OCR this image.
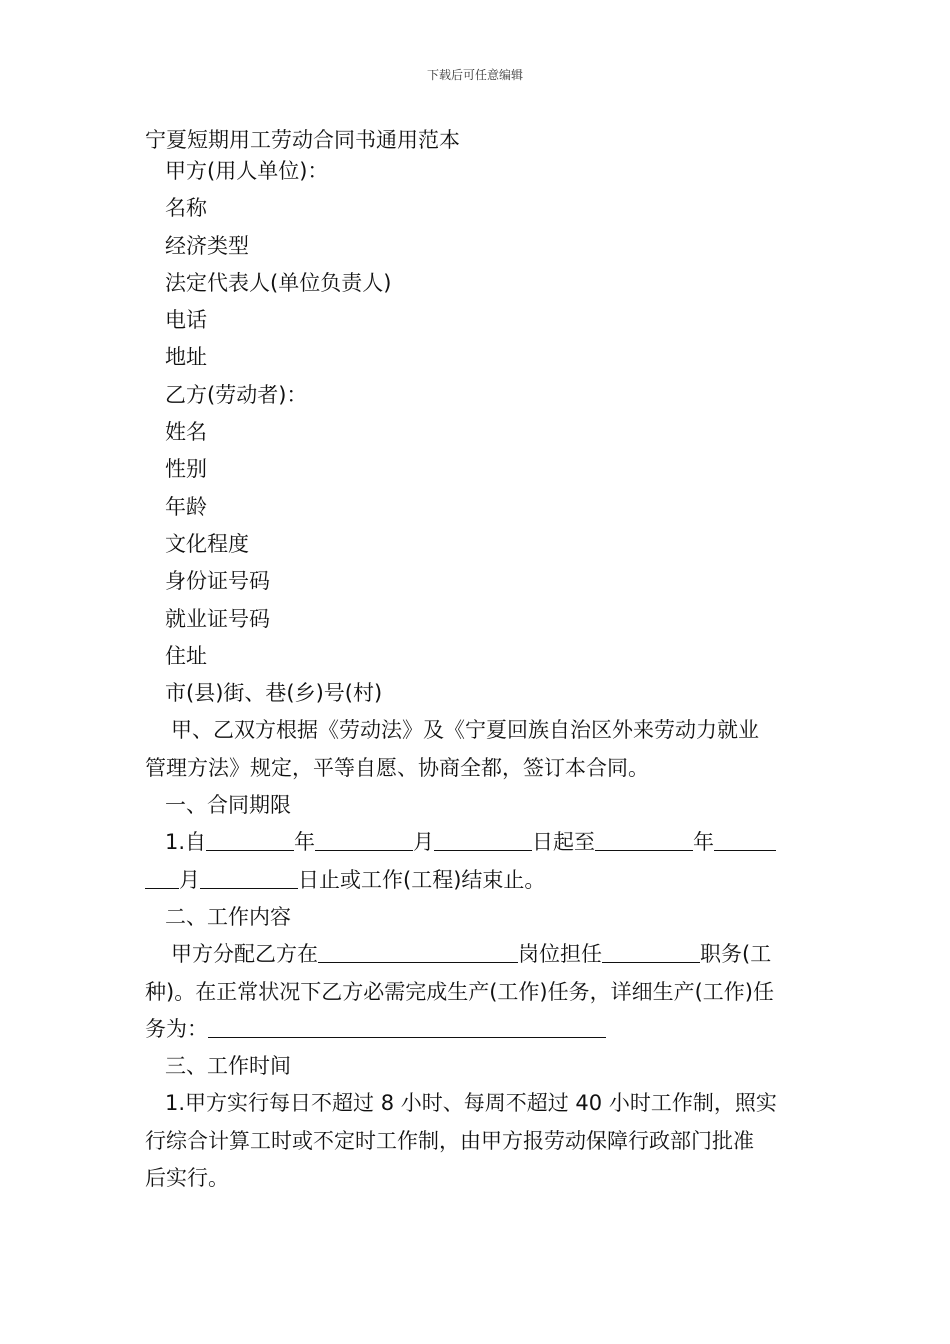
下载后可任意编辑
宁夏短期用工劳动合同书通用范本
甲方(用人单位)：
名称
经济类型
法定代表人(单位负责人)
电话
地址
乙方(劳动者)：
姓名
性别
年龄
文化程度
身份证号码
就业证号码
住址
市(县)街、巷(乡)号(村)
甲、乙双方根据《劳动法》及《宁夏回族自治区外来劳动力就业
管理方法》规定，平等自愿、协商全都，签订本合同。
一、合同期限
1.自	年	月	日起至	年
月	日止或工作(工程)结束止。
二、工作内容
甲方分配乙方在	岗位担任	职务(工
种)。在正常状况下乙方必需完成生产(工作)任务，详细生产(工作)任
务为：
三、工作时间
1.甲方实行每日不超过 8 小时、每周不超过 40 小时工作制，照实
行综合计算工时或不定时工作制，由甲方报劳动保障行政部门批准
后实行。
